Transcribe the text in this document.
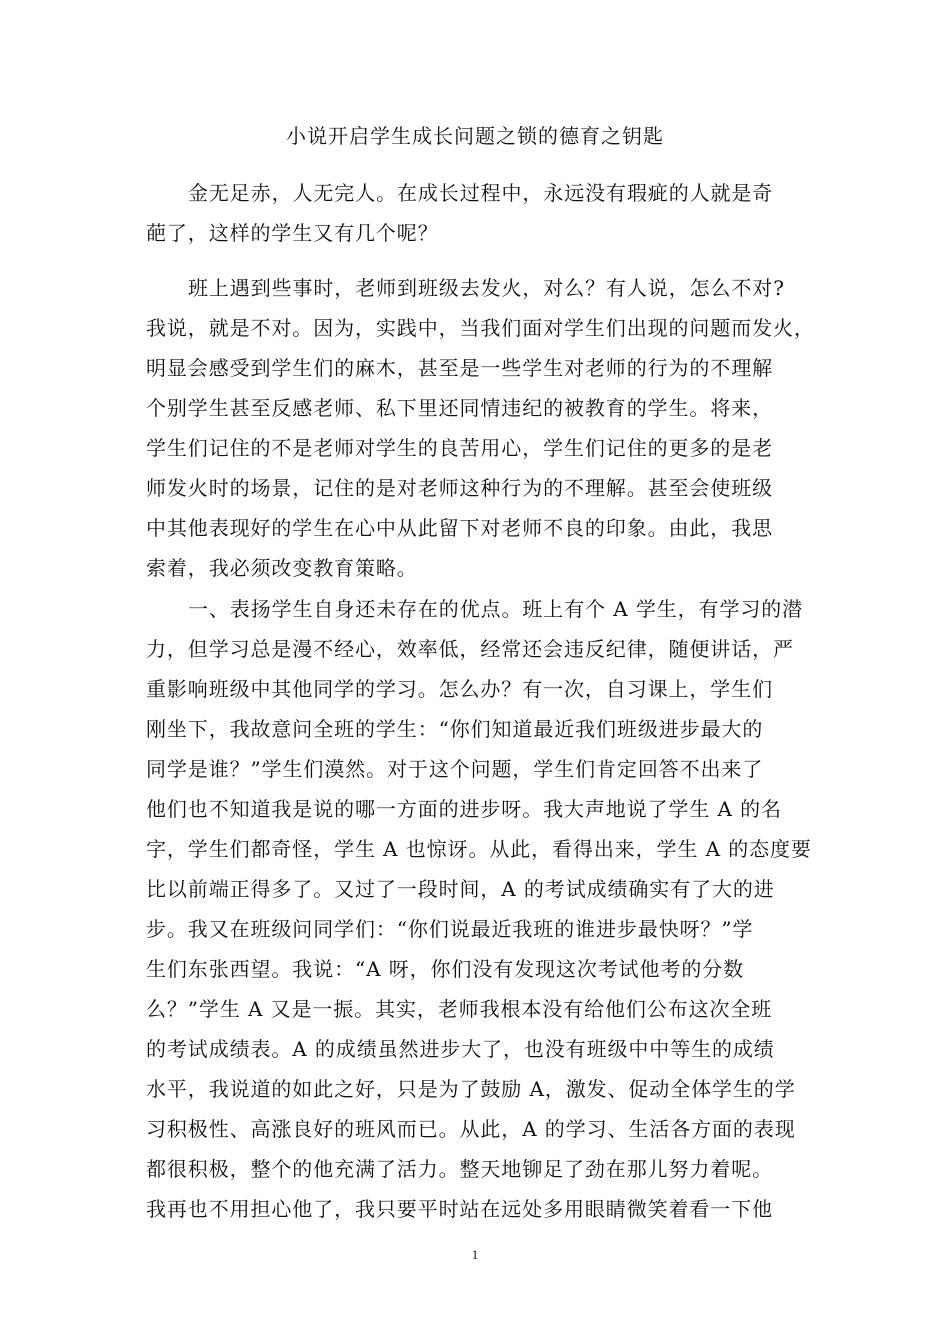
小说开启学生成长问题之锁的德育之钥匙
金无足赤，人无完人。在成长过程中，永远没有瑕疵的人就是奇
葩了，这样的学生又有几个呢？
班上遇到些事时，老师到班级去发火，对么？有人说，怎么不对?
我说，就是不对。因为，实践中，当我们面对学生们出现的问题而发火，
明显会感受到学生们的麻木，甚至是一些学生对老师的行为的不理解
个别学生甚至反感老师、私下里还同情违纪的被教育的学生。将来，
学生们记住的不是老师对学生的良苦用心，学生们记住的更多的是老
师发火时的场景，记住的是对老师这种行为的不理解。甚至会使班级
中其他表现好的学生在心中从此留下对老师不良的印象。由此，我思
索着，我必须改变教育策略。
一、表扬学生自身还未存在的优点。班上有个 A 学生，有学习的潜
力，但学习总是漫不经心，效率低，经常还会违反纪律，随便讲话，严
重影响班级中其他同学的学习。怎么办？有一次，自习课上，学生们
刚坐下，我故意问全班的学生：“你们知道最近我们班级进步最大的
同学是谁？”学生们漠然。对于这个问题，学生们肯定回答不出来了
他们也不知道我是说的哪一方面的进步呀。我大声地说了学生 A 的名
字，学生们都奇怪，学生 A 也惊讶。从此，看得出来，学生 A 的态度要
比以前端正得多了。又过了一段时间，A 的考试成绩确实有了大的进
步。我又在班级问同学们：“你们说最近我班的谁进步最快呀？”学
生们东张西望。我说：“A 呀，你们没有发现这次考试他考的分数
么？”学生 A 又是一振。其实，老师我根本没有给他们公布这次全班
的考试成绩表。A 的成绩虽然进步大了，也没有班级中中等生的成绩
水平，我说道的如此之好，只是为了鼓励 A，激发、促动全体学生的学
习积极性、高涨良好的班风而已。从此，A 的学习、生活各方面的表现
都很积极，整个的他充满了活力。整天地铆足了劲在那儿努力着呢。
我再也不用担心他了，我只要平时站在远处多用眼睛微笑着看一下他
1
